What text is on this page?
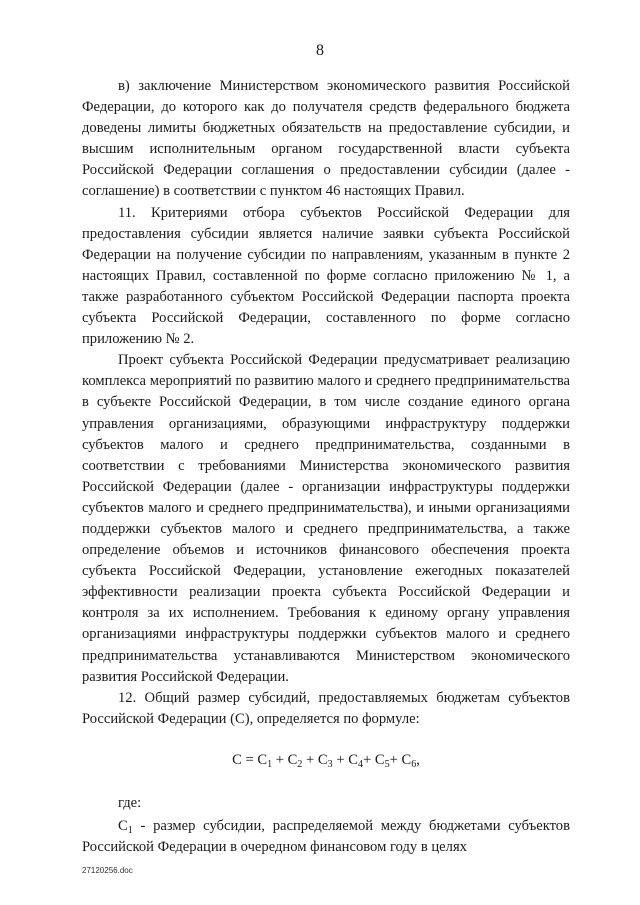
8

в) заключение Министерством экономического развития Российской Федерации, до которого как до получателя средств федерального бюджета доведены лимиты бюджетных обязательств на предоставление субсидии, и высшим исполнительным органом государственной власти субъекта Российской Федерации соглашения о предоставлении субсидии (далее - соглашение) в соответствии с пунктом 46 настоящих Правил.

11. Критериями отбора субъектов Российской Федерации для предоставления субсидии является наличие заявки субъекта Российской Федерации на получение субсидии по направлениям, указанным в пункте 2 настоящих Правил, составленной по форме согласно приложению № 1, а также разработанного субъектом Российской Федерации паспорта проекта субъекта Российской Федерации, составленного по форме согласно приложению № 2.

Проект субъекта Российской Федерации предусматривает реализацию комплекса мероприятий по развитию малого и среднего предпринимательства в субъекте Российской Федерации, в том числе создание единого органа управления организациями, образующими инфраструктуру поддержки субъектов малого и среднего предпринимательства, созданными в соответствии с требованиями Министерства экономического развития Российской Федерации (далее - организации инфраструктуры поддержки субъектов малого и среднего предпринимательства), и иными организациями поддержки субъектов малого и среднего предпринимательства, а также определение объемов и источников финансового обеспечения проекта субъекта Российской Федерации, установление ежегодных показателей эффективности реализации проекта субъекта Российской Федерации и контроля за их исполнением. Требования к единому органу управления организациями инфраструктуры поддержки субъектов малого и среднего предпринимательства устанавливаются Министерством экономического развития Российской Федерации.

12. Общий размер субсидий, предоставляемых бюджетам субъектов Российской Федерации (С), определяется по формуле:

$С = С_1 + С_2 + С_3 + С_4+ С_5+ С_6$,

где:

$С_1$ - размер субсидии, распределяемой между бюджетами субъектов Российской Федерации в очередном финансовом году в целях

27120256.doc
